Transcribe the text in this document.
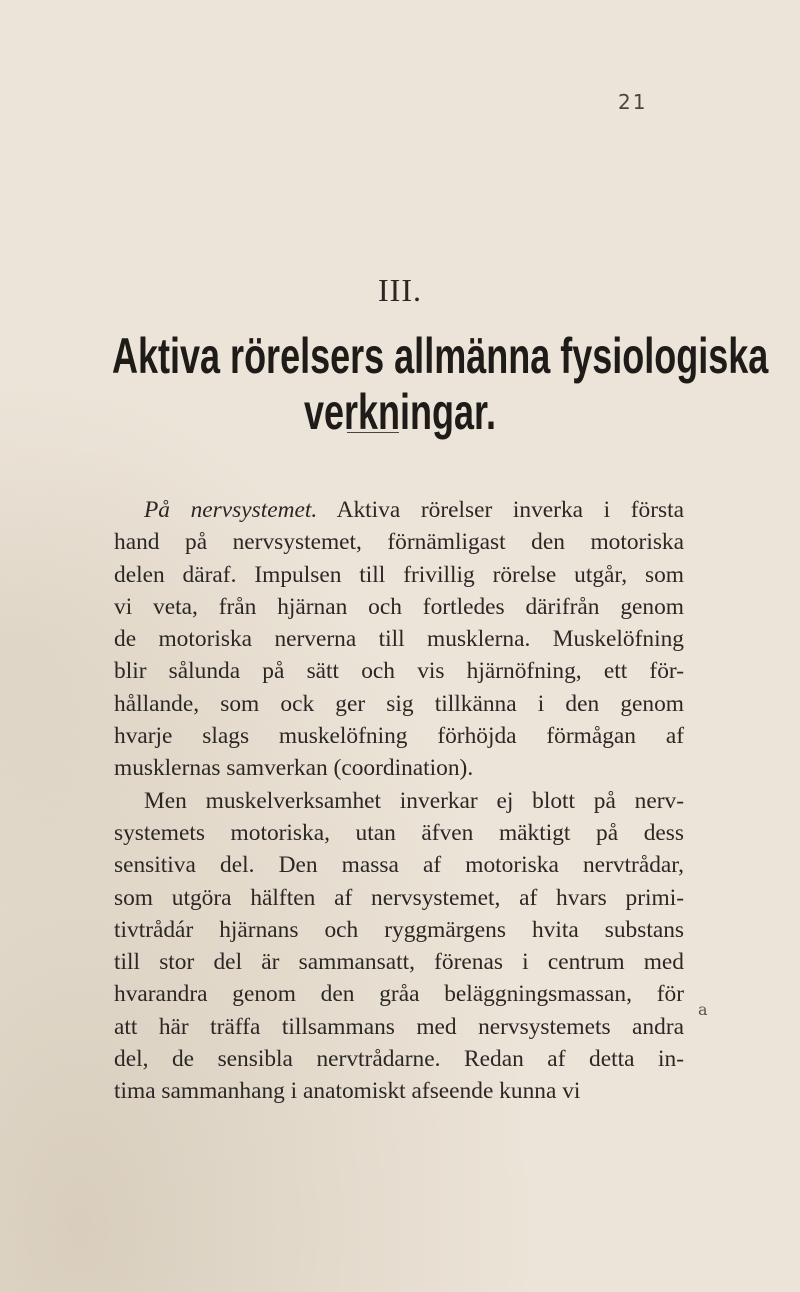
21
III.
Aktiva rörelsers allmänna fysiologiska
verkningar.
På nervsystemet. Aktiva rörelser inverka i första
hand på nervsystemet, förnämligast den motoriska
delen däraf. Impulsen till frivillig rörelse utgår, som
vi veta, från hjärnan och fortledes därifrån genom
de motoriska nerverna till musklerna. Muskelöfning
blir sålunda på sätt och vis hjärnöfning, ett för-
hållande, som ock ger sig tillkänna i den genom
hvarje slags muskelöfning förhöjda förmågan af
musklernas samverkan (coordination).
Men muskelverksamhet inverkar ej blott på nerv-
systemets motoriska, utan äfven mäktigt på dess
sensitiva del. Den massa af motoriska nervtrådar,
som utgöra hälften af nervsystemet, af hvars primi-
tivtrådár hjärnans och ryggmärgens hvita substans
till stor del är sammansatt, förenas i centrum med
hvarandra genom den gråa beläggningsmassan, för
att här träffa tillsammans med nervsystemets andra
del, de sensibla nervtrådarne. Redan af detta in-
tima sammanhang i anatomiskt afseende kunna vi
a
